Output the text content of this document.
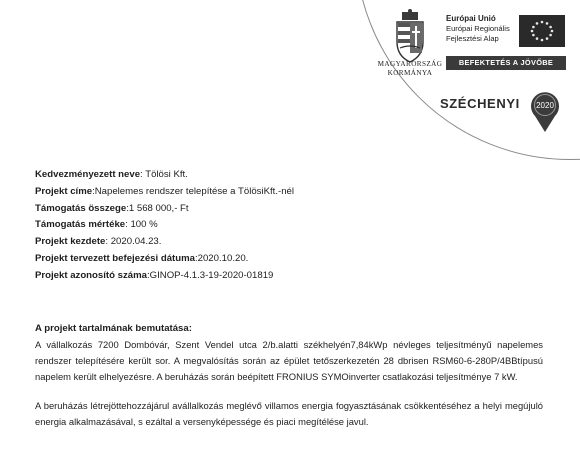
MAGYARORSZÁG
KORMÁNYA
Európai Unió
Európai Regionális
Fejlesztési Alap
BEFEKTETÉS A JÖVŐBE
SZÉCHENYI 2020
Kedvezményezett neve: Tölösi Kft.
Projekt címe:Napelemes rendszer telepítése a TölösiKft.-nél
Támogatás összege:1 568 000,- Ft
Támogatás mértéke: 100 %
Projekt kezdete: 2020.04.23.
Projekt tervezett befejezési dátuma:2020.10.20.
Projekt azonosító száma:GINOP-4.1.3-19-2020-01819
A projekt tartalmának bemutatása:
A vállalkozás 7200 Dombóvár, Szent Vendel utca 2/b.alatti székhelyén7,84kWp névleges teljesítményű napelemes rendszer telepítésére került sor. A megvalósítás során az épület tetőszerkezetén 28 dbrisen RSM60-6-280P/4BBtípusú napelem került elhelyezésre. A beruházás során beépített FRONIUS SYMOinverter csatlakozási teljesítménye 7 kW.
A beruházás létrejöttehozzájárul avállalkozás meglévő villamos energia fogyasztásának csökkentéséhez a helyi megújuló energia alkalmazásával, s ezáltal a versenyképessége és piaci megítélése javul.
